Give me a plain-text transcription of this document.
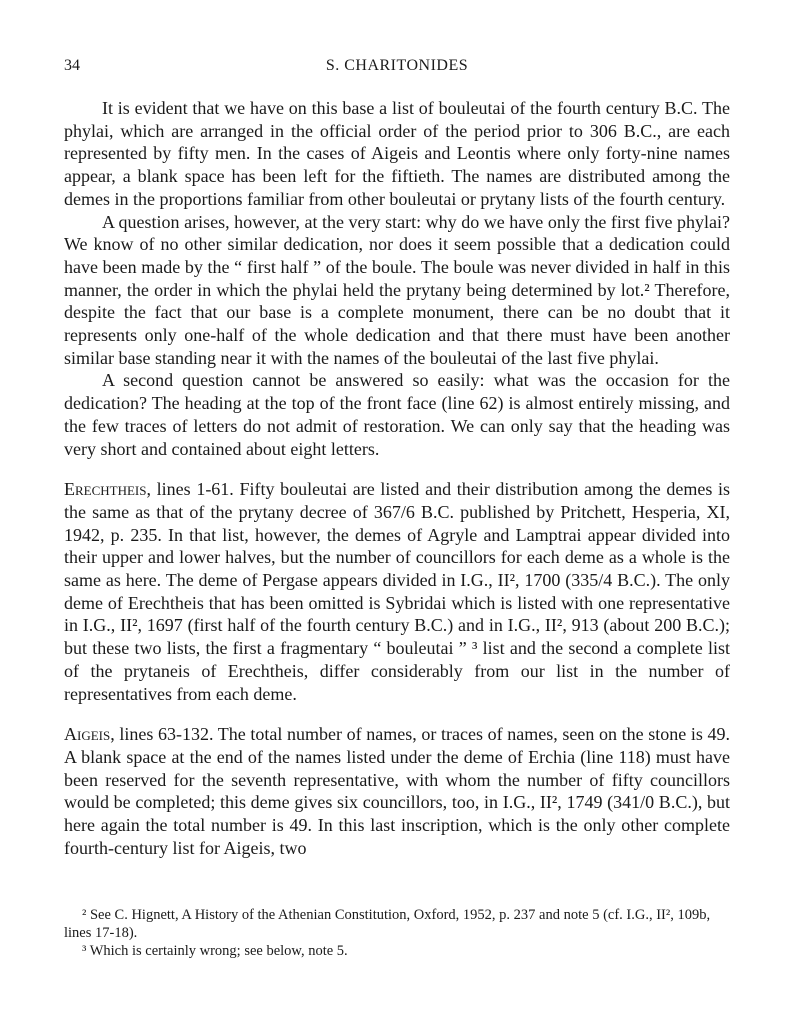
34	S. CHARITONIDES

It is evident that we have on this base a list of bouleutai of the fourth century B.C. The phylai, which are arranged in the official order of the period prior to 306 B.C., are each represented by fifty men. In the cases of Aigeis and Leontis where only forty-nine names appear, a blank space has been left for the fiftieth. The names are distributed among the demes in the proportions familiar from other bouleutai or prytany lists of the fourth century.

A question arises, however, at the very start: why do we have only the first five phylai? We know of no other similar dedication, nor does it seem possible that a dedication could have been made by the “ first half ” of the boule. The boule was never divided in half in this manner, the order in which the phylai held the prytany being determined by lot.² Therefore, despite the fact that our base is a complete monument, there can be no doubt that it represents only one-half of the whole dedication and that there must have been another similar base standing near it with the names of the bouleutai of the last five phylai.

A second question cannot be answered so easily: what was the occasion for the dedication? The heading at the top of the front face (line 62) is almost entirely missing, and the few traces of letters do not admit of restoration. We can only say that the heading was very short and contained about eight letters.

Erechtheis, lines 1-61. Fifty bouleutai are listed and their distribution among the demes is the same as that of the prytany decree of 367/6 B.C. published by Pritchett, Hesperia, XI, 1942, p. 235. In that list, however, the demes of Agryle and Lamptrai appear divided into their upper and lower halves, but the number of councillors for each deme as a whole is the same as here. The deme of Pergase appears divided in I.G., II², 1700 (335/4 B.C.). The only deme of Erechtheis that has been omitted is Sybridai which is listed with one representative in I.G., II², 1697 (first half of the fourth century B.C.) and in I.G., II², 913 (about 200 B.C.); but these two lists, the first a fragmentary “ bouleutai ” ³ list and the second a complete list of the prytaneis of Erechtheis, differ considerably from our list in the number of representatives from each deme.

Aigeis, lines 63-132. The total number of names, or traces of names, seen on the stone is 49. A blank space at the end of the names listed under the deme of Erchia (line 118) must have been reserved for the seventh representative, with whom the number of fifty councillors would be completed; this deme gives six councillors, too, in I.G., II², 1749 (341/0 B.C.), but here again the total number is 49. In this last inscription, which is the only other complete fourth-century list for Aigeis, two

² See C. Hignett, A History of the Athenian Constitution, Oxford, 1952, p. 237 and note 5 (cf. I.G., II², 109b, lines 17-18).

³ Which is certainly wrong; see below, note 5.
